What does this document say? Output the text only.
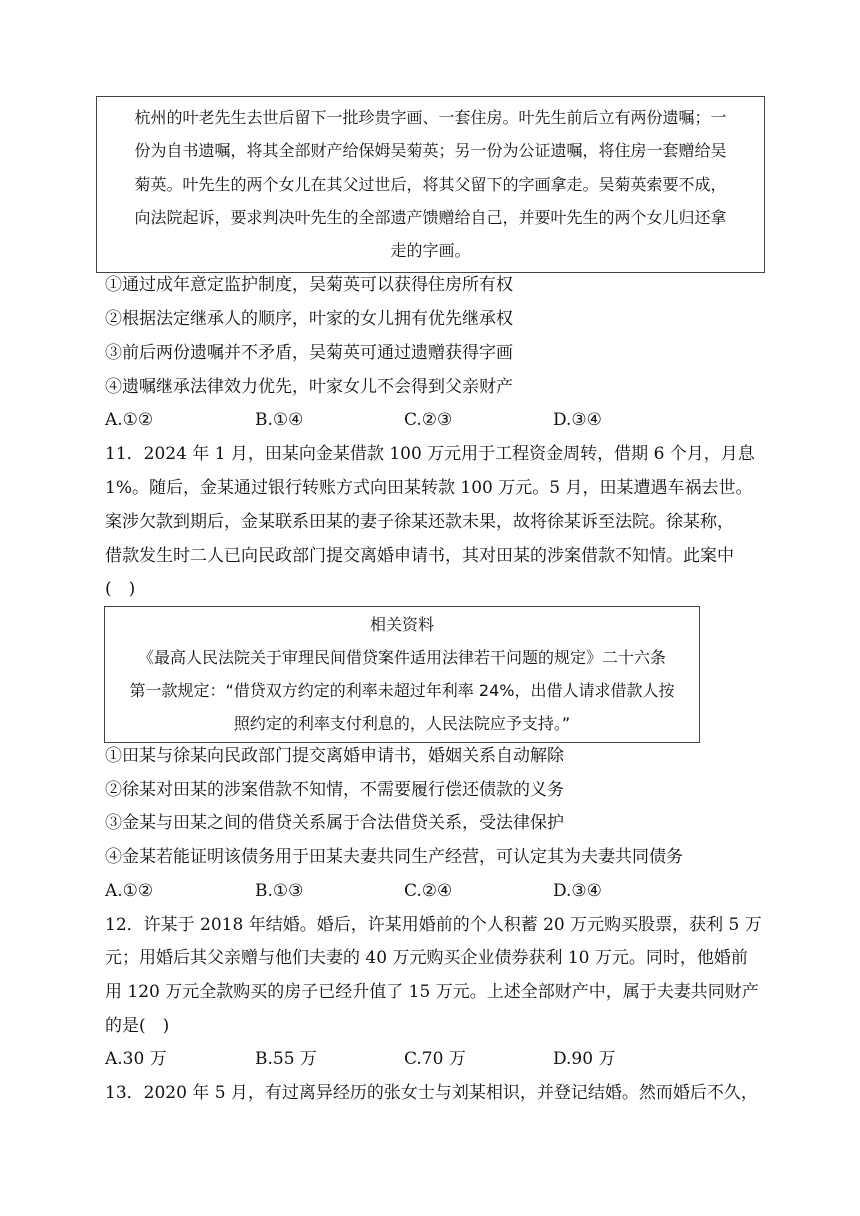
杭州的叶老先生去世后留下一批珍贵字画、一套住房。叶先生前后立有两份遗嘱；一
份为自书遗嘱，将其全部财产给保姆吴菊英；另一份为公证遗嘱，将住房一套赠给吴
菊英。叶先生的两个女儿在其父过世后，将其父留下的字画拿走。吴菊英索要不成，
向法院起诉，要求判决叶先生的全部遗产馈赠给自己，并要叶先生的两个女儿归还拿
走的字画。
①通过成年意定监护制度，吴菊英可以获得住房所有权
②根据法定继承人的顺序，叶家的女儿拥有优先继承权
③前后两份遗嘱并不矛盾，吴菊英可通过遗赠获得字画
④遗嘱继承法律效力优先，叶家女儿不会得到父亲财产
A.①②	B.①④	C.②③	D.③④
11．2024 年 1 月，田某向金某借款 100 万元用于工程资金周转，借期 6 个月，月息
1%。随后，金某通过银行转账方式向田某转款 100 万元。5 月，田某遭遇车祸去世。
案涉欠款到期后，金某联系田某的妻子徐某还款未果，故将徐某诉至法院。徐某称，
借款发生时二人已向民政部门提交离婚申请书，其对田某的涉案借款不知情。此案中
(　)
相关资料
《最高人民法院关于审理民间借贷案件适用法律若干问题的规定》二十六条
第一款规定：“借贷双方约定的利率未超过年利率 24%，出借人请求借款人按
照约定的利率支付利息的，人民法院应予支持。”
①田某与徐某向民政部门提交离婚申请书，婚姻关系自动解除
②徐某对田某的涉案借款不知情，不需要履行偿还债款的义务
③金某与田某之间的借贷关系属于合法借贷关系，受法律保护
④金某若能证明该债务用于田某夫妻共同生产经营，可认定其为夫妻共同债务
A.①②	B.①③	C.②④	D.③④
12．许某于 2018 年结婚。婚后，许某用婚前的个人积蓄 20 万元购买股票，获利 5 万
元；用婚后其父亲赠与他们夫妻的 40 万元购买企业债券获利 10 万元。同时，他婚前
用 120 万元全款购买的房子已经升值了 15 万元。上述全部财产中，属于夫妻共同财产
的是(　)
A.30 万	B.55 万	C.70 万	D.90 万
13．2020 年 5 月，有过离异经历的张女士与刘某相识，并登记结婚。然而婚后不久，
